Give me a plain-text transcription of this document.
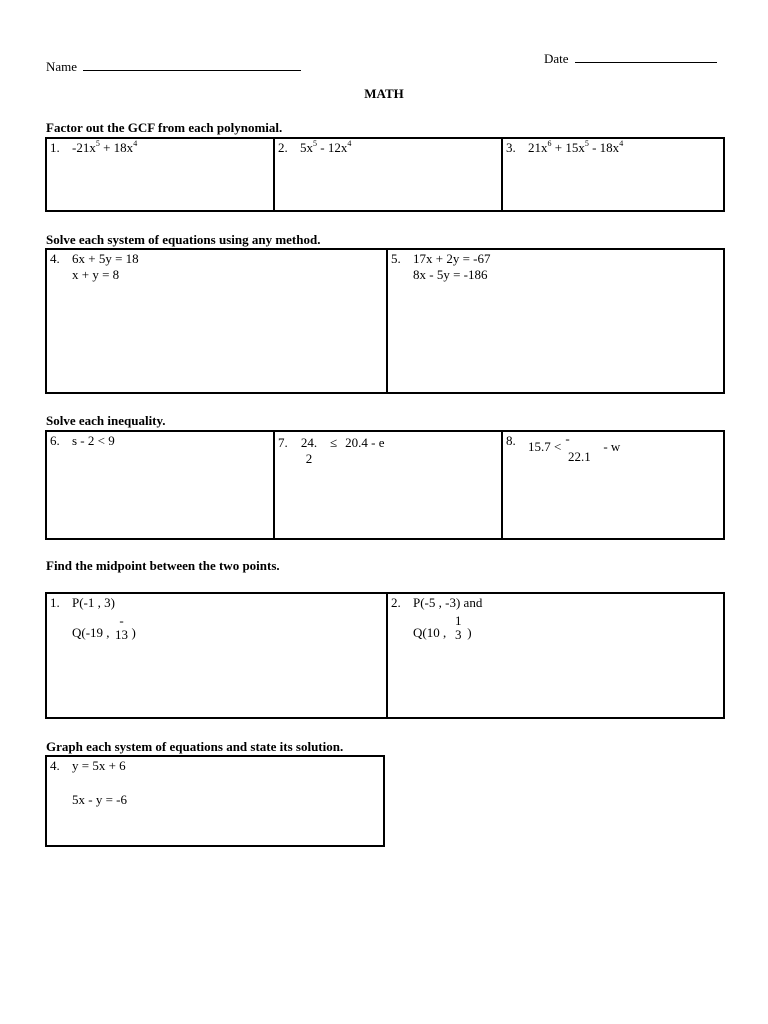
Name
Date
MATH
Factor out the GCF from each polynomial.
1. $-21x^5 + 18x^4$	2. $5x^5 - 12x^4$	3. $21x^6 + 15x^5 - 18x^4$
Solve each system of equations using any method.
4. 6x + 5y = 18
x + y = 8

5. 17x + 2y = -67
8x - 5y = -186
Solve each inequality.
6. s - 2 < 9	7. 24.
2
≤ 20.4 - e	8. 15.7 <
-
22.1
- w
Find the midpoint between the two points.
1. P(-1 , 3)
Q(-19 ,
-
13 )

2. P(-5 , -3) and
Q(10 ,
1
3 )
Graph each system of equations and state its solution.
4. y = 5x + 6
5x - y = -6
